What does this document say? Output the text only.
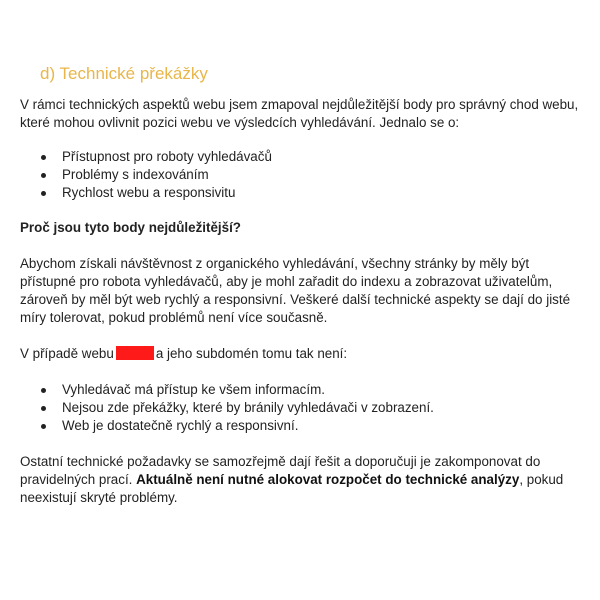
d) Technické překážky

V rámci technických aspektů webu jsem zmapoval nejdůležitější body pro správný chod webu, které mohou ovlivnit pozici webu ve výsledcích vyhledávání. Jednalo se o:

Přístupnost pro roboty vyhledávačů
Problémy s indexováním
Rychlost webu a responsivitu

Proč jsou tyto body nejdůležitější?

Abychom získali návštěvnost z organického vyhledávání, všechny stránky by měly být přístupné pro robota vyhledávačů, aby je mohl zařadit do indexu a zobrazovat uživatelům, zároveň by měl být web rychlý a responsivní. Veškeré další technické aspekty se dají do jisté míry tolerovat, pokud problémů není více současně.

V případě webu	a jeho subdomén tomu tak není:

Vyhledávač má přístup ke všem informacím.
Nejsou zde překážky, které by bránily vyhledávači v zobrazení.
Web je dostatečně rychlý a responsivní.

Ostatní technické požadavky se samozřejmě dají řešit a doporučuji je zakomponovat do pravidelných prací. Aktuálně není nutné alokovat rozpočet do technické analýzy, pokud neexistují skryté problémy.
